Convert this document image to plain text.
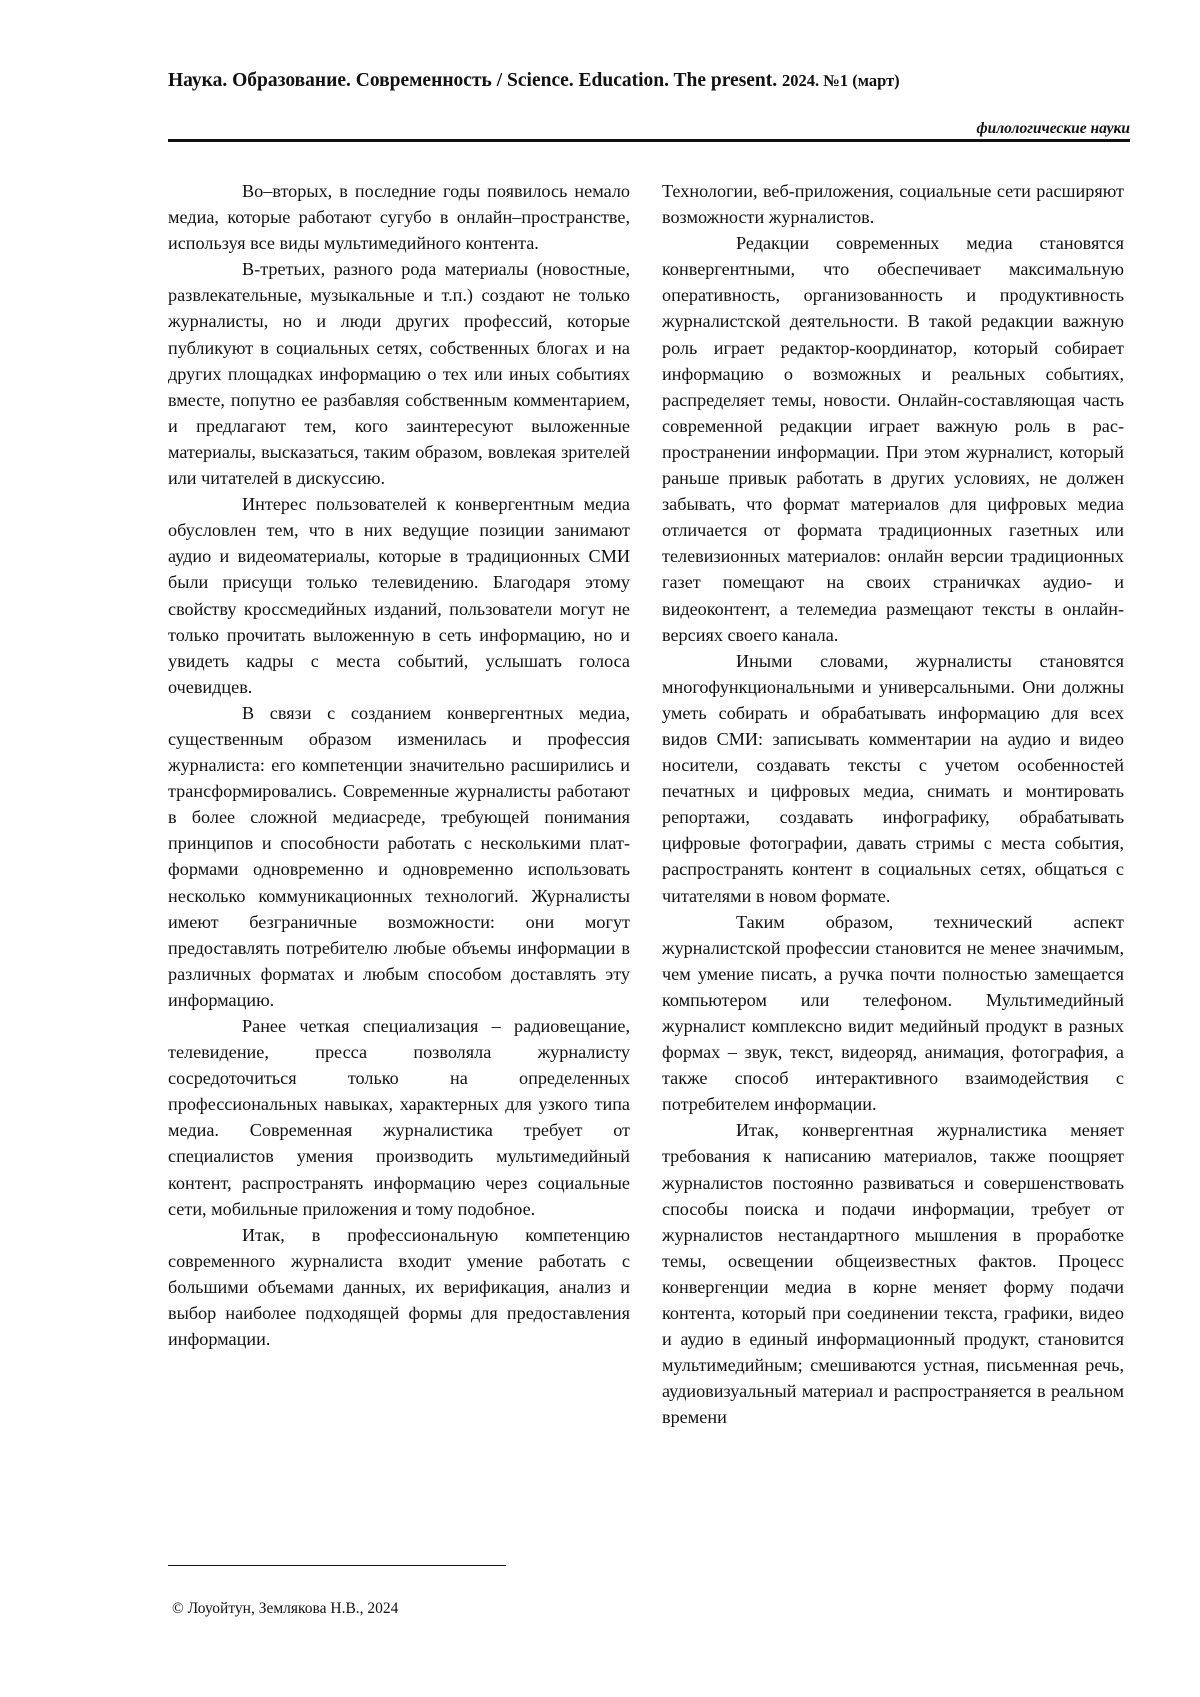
Наука. Образование. Современность / Science. Education. The present. 2024. №1 (март)
филологические науки

Во–вторых, в последние годы появилось немало медиа, которые работают сугубо в онлайн–пространстве, используя все виды мультимедийного контента.

В-третьих, разного рода материалы (новостные, развлекательные, музыкальные и т.п.) создают не только журналисты, но и люди других профессий, которые публикуют в социальных сетях, собственных блогах и на других площадках информацию о тех или иных событиях вместе, попутно ее разбавляя собственным комментарием, и предлагают тем, кого заинтересуют выложенные материалы, высказаться, таким образом, вовлекая зрителей или читателей в дискуссию.

Интерес пользователей к конвергентным медиа обусловлен тем, что в них ведущие позиции занимают аудио и видеоматериалы, которые в традиционных СМИ были присущи только телевидению. Благодаря этому свойству кроссмедийных изданий, пользователи могут не только прочитать выложенную в сеть информацию, но и увидеть кадры с места событий, услышать голоса очевидцев.

В связи с созданием конвергентных медиа, существенным образом изменилась и профессия журналиста: его компетенции значительно расширились и трансформировались. Современные журналисты работают в более сложной медиасреде, требующей понимания принципов и способности работать с несколькими платформами одновременно и одновременно использовать несколько коммуникационных технологий. Журналисты имеют безграничные возможности: они могут предоставлять потребителю любые объемы информации в различных форматах и любым способом доставлять эту информацию.

Ранее четкая специализация – радиовещание, телевидение, пресса позволяла журналисту сосредоточиться только на определенных профессиональных навыках, характерных для узкого типа медиа. Современная журналистика требует от специалистов умения производить мультимедийный контент, распространять информацию через социальные сети, мобильные приложения и тому подобное.

Итак, в профессиональную компетенцию современного журналиста входит умение работать с большими объемами данных, их верификация, анализ и выбор наиболее подходящей формы для предоставления информации.

Технологии, веб-приложения, социальные сети расширяют возможности журналистов.

Редакции современных медиа становятся конвергентными, что обеспечивает максимальную оперативность, организованность и продуктивность журналистской деятельности. В такой редакции важную роль играет редактор-координатор, который собирает информацию о возможных и реальных событиях, распределяет темы, новости. Онлайн-составляющая часть современной редакции играет важную роль в распространении информации. При этом журналист, который раньше привык работать в других условиях, не должен забывать, что формат материалов для цифровых медиа отличается от формата традиционных газетных или телевизионных материалов: онлайн версии традиционных газет помещают на своих страничках аудио- и видеоконтент, а телемедиа размещают тексты в онлайн-версиях своего канала.

Иными словами, журналисты становятся многофункциональными и универсальными. Они должны уметь собирать и обрабатывать информацию для всех видов СМИ: записывать комментарии на аудио и видео носители, создавать тексты с учетом особенностей печатных и цифровых медиа, снимать и монтировать репортажи, создавать инфографику, обрабатывать цифровые фотографии, давать стримы с места события, распространять контент в социальных сетях, общаться с читателями в новом формате.

Таким образом, технический аспект журналистской профессии становится не менее значимым, чем умение писать, а ручка почти полностью замещается компьютером или телефоном. Мультимедийный журналист комплексно видит медийный продукт в разных формах – звук, текст, видеоряд, анимация, фотография, а также способ интерактивного взаимодействия с потребителем информации.

Итак, конвергентная журналистика меняет требования к написанию материалов, также поощряет журналистов постоянно развиваться и совершенствовать способы поиска и подачи информации, требует от журналистов нестандартного мышления в проработке темы, освещении общеизвестных фактов. Процесс конвергенции медиа в корне меняет форму подачи контента, который при соединении текста, графики, видео и аудио в единый информационный продукт, становится мультимедийным; смешиваются устная, письменная речь, аудиовизуальный материал и распространяется в реальном времени

© Лоуойтун, Землякова Н.В., 2024
